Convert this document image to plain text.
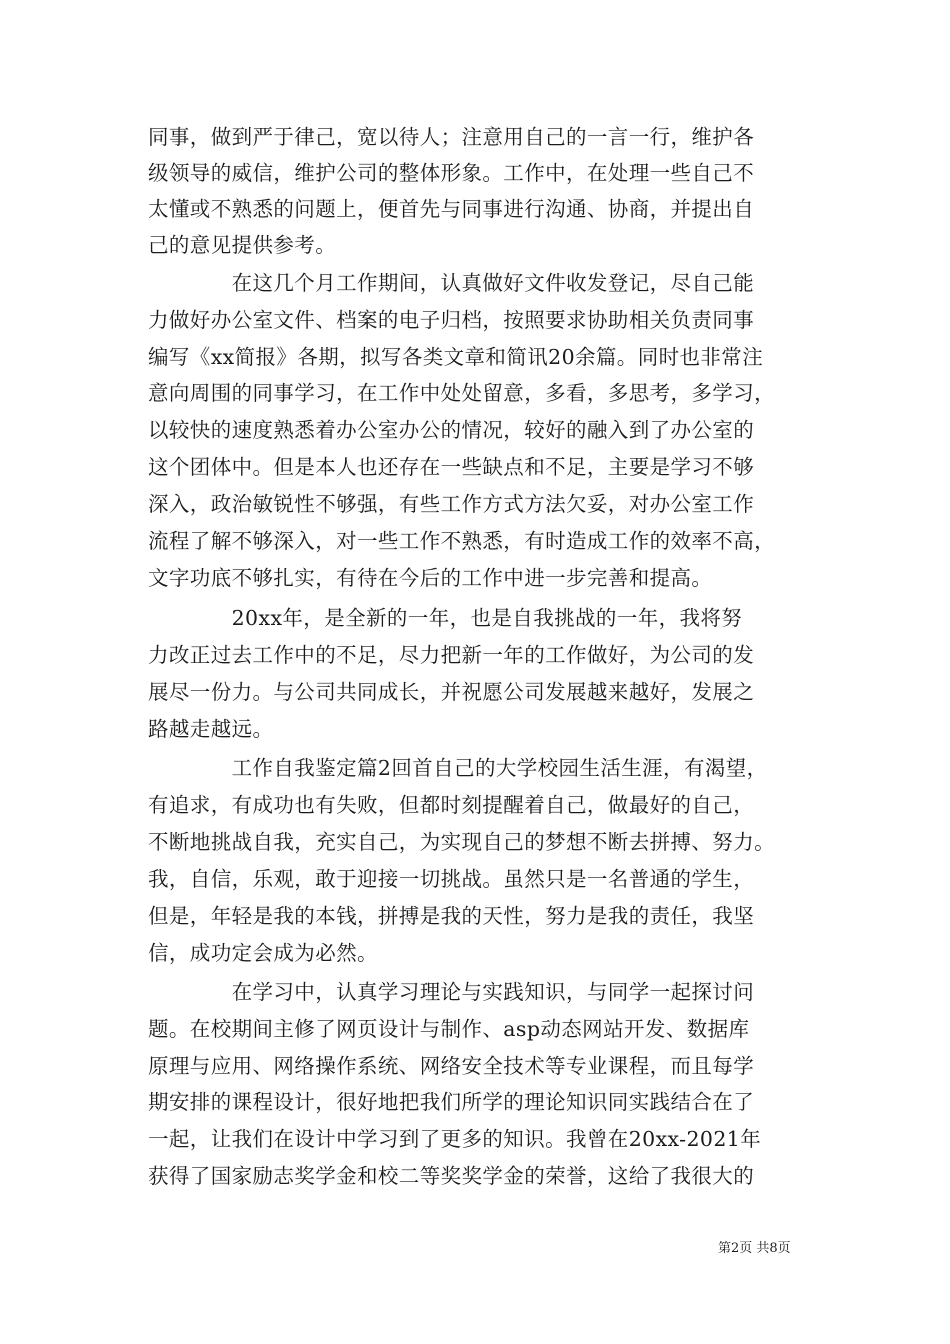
同事，做到严于律己，宽以待人；注意用自己的一言一行，维护各
级领导的威信，维护公司的整体形象。工作中，在处理一些自己不
太懂或不熟悉的问题上，便首先与同事进行沟通、协商，并提出自
己的意见提供参考。
　　　　在这几个月工作期间，认真做好文件收发登记，尽自己能
力做好办公室文件、档案的电子归档，按照要求协助相关负责同事
编写《xx简报》各期，拟写各类文章和简讯20余篇。同时也非常注
意向周围的同事学习，在工作中处处留意，多看，多思考，多学习，
以较快的速度熟悉着办公室办公的情况，较好的融入到了办公室的
这个团体中。但是本人也还存在一些缺点和不足，主要是学习不够
深入，政治敏锐性不够强，有些工作方式方法欠妥，对办公室工作
流程了解不够深入，对一些工作不熟悉，有时造成工作的效率不高，
文字功底不够扎实，有待在今后的工作中进一步完善和提高。
　　　　20xx年，是全新的一年，也是自我挑战的一年，我将努
力改正过去工作中的不足，尽力把新一年的工作做好，为公司的发
展尽一份力。与公司共同成长，并祝愿公司发展越来越好，发展之
路越走越远。
　　　　工作自我鉴定篇2回首自己的大学校园生活生涯，有渴望，
有追求，有成功也有失败，但都时刻提醒着自己，做最好的自己，
不断地挑战自我，充实自己，为实现自己的梦想不断去拼搏、努力。
我，自信，乐观，敢于迎接一切挑战。虽然只是一名普通的学生，
但是，年轻是我的本钱，拼搏是我的天性，努力是我的责任，我坚
信，成功定会成为必然。
　　　　在学习中，认真学习理论与实践知识，与同学一起探讨问
题。在校期间主修了网页设计与制作、asp动态网站开发、数据库
原理与应用、网络操作系统、网络安全技术等专业课程，而且每学
期安排的课程设计，很好地把我们所学的理论知识同实践结合在了
一起，让我们在设计中学习到了更多的知识。我曾在20xx-2021年
获得了国家励志奖学金和校二等奖奖学金的荣誉，这给了我很大的
第2页 共8页
